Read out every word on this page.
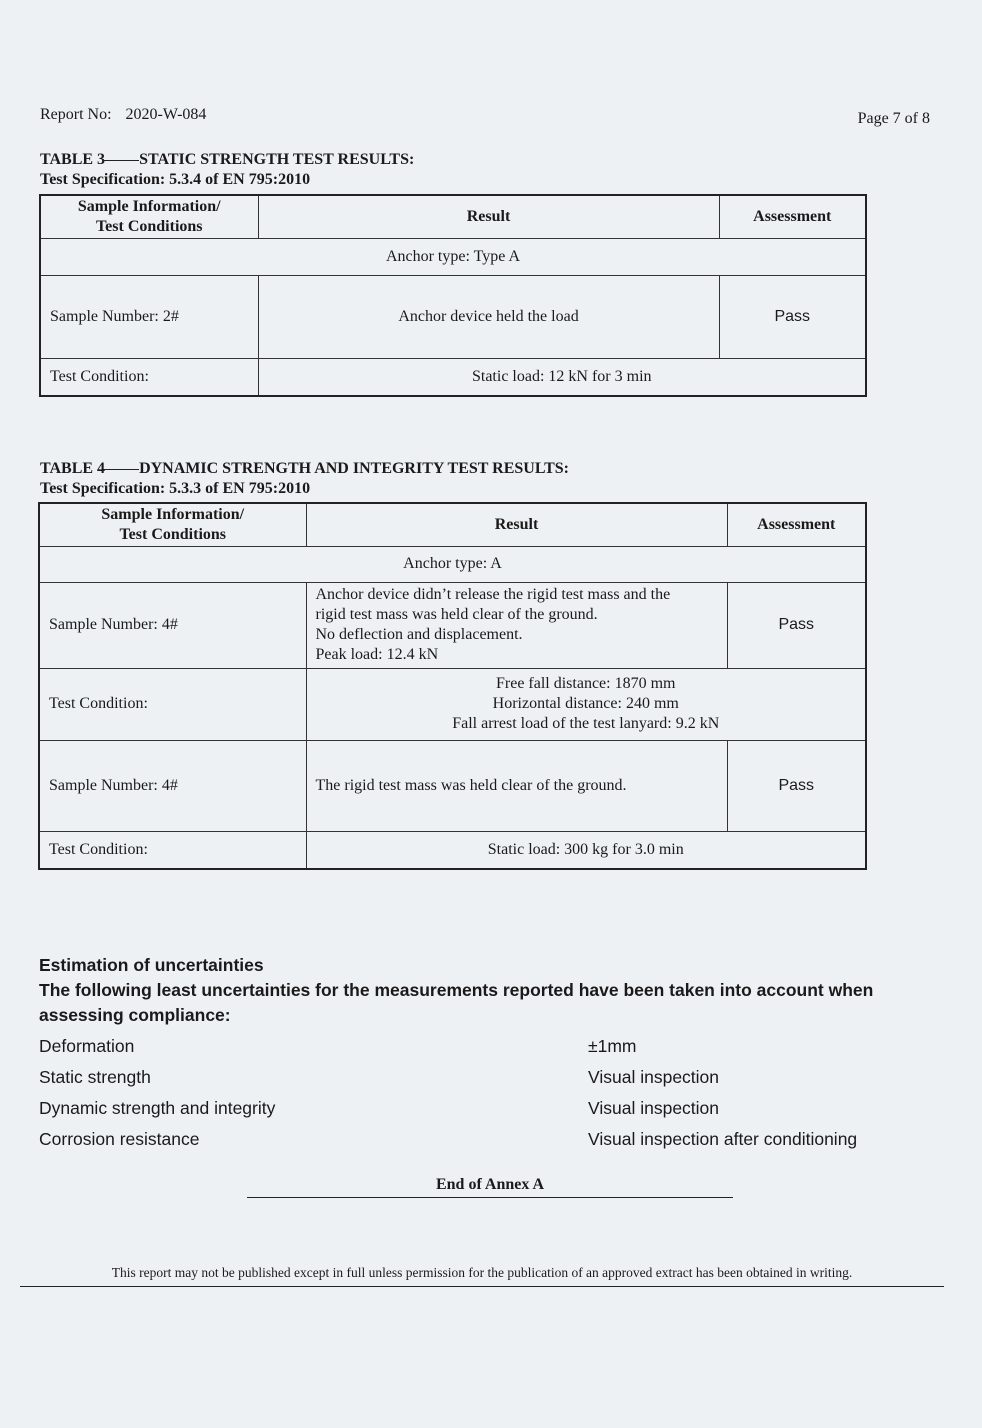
Report No: 2020-W-084	Page 7 of 8
TABLE 3 STATIC STRENGTH TEST RESULTS:
Test Specification: 5.3.4 of EN 795:2010
Sample Information/
Test Conditions	Result	Assessment
Anchor type: Type A		
Sample Number: 2#	Anchor device held the load	Pass
Test Condition:	Static load: 12 kN for 3 min	
TABLE 4 DYNAMIC STRENGTH AND INTEGRITY TEST RESULTS:
Test Specification: 5.3.3 of EN 795:2010
Sample Information/
Test Conditions	Result	Assessment
Anchor type: A		
Sample Number: 4#	Anchor device didn’t release the rigid test mass and the
rigid test mass was held clear of the ground.
No deflection and displacement.
Peak load: 12.4 kN	Pass
Test Condition:	Free fall distance: 1870 mm
Horizontal distance: 240 mm
Fall arrest load of the test lanyard: 9.2 kN	

Sample Number: 4#	The rigid test mass was held clear of the ground.	Pass
Test Condition:	Static load: 300 kg for 3.0 min	
Estimation of uncertainties
The following least uncertainties for the measurements reported have been taken into account when assessing compliance:
Deformation	±1mm
Static strength	Visual inspection
Dynamic strength and integrity	Visual inspection
Corrosion resistance	Visual inspection after conditioning
End of Annex A
This report may not be published except in full unless permission for the publication of an approved extract has been obtained in writing.
